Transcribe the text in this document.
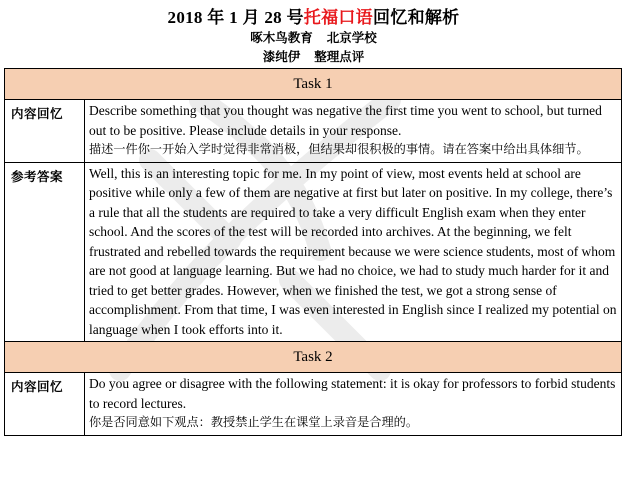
2018 年 1 月 28 号托福口语回忆和解析
啄木鸟教育 北京学校
漆纯伊 整理点评
Task 1	
内容回忆	Describe something that you thought was negative the first time you went to school, but turned out to be positive. Please include details in your response.
描述一件你一开始入学时觉得非常消极，但结果却很积极的事情。请在答案中给出具体细节。

参考答案	Well, this is an interesting topic for me. In my point of view, most events held at school are positive while only a few of them are negative at first but later on positive. In my college, there’s a rule that all the students are required to take a very difficult English exam when they enter school. And the scores of the test will be recorded into archives. At the beginning, we felt frustrated and rebelled towards the requirement because we were science students, most of whom are not good at language learning. But we had no choice, we had to study much harder for it and tried to get better grades. However, when we finished the test, we got a strong sense of accomplishment. From that time, I was even interested in English since I realized my potential on language when I took efforts into it.
Task 2	
内容回忆	Do you agree or disagree with the following statement: it is okay for professors to forbid students to record lectures.
你是否同意如下观点：教授禁止学生在课堂上录音是合理的。
